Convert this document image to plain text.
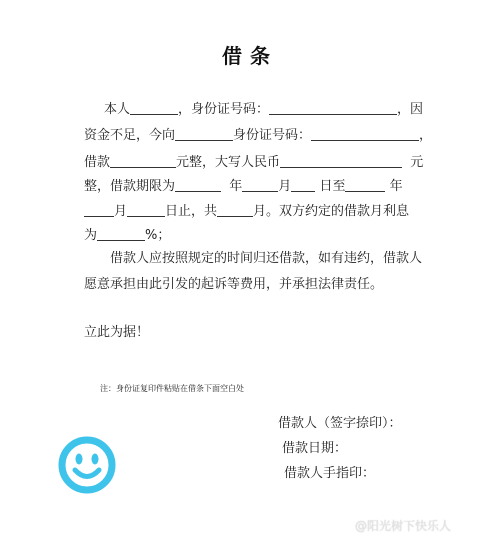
借条
本人	，身份证号码：	，因
资金不足，今向	身份证号码：	，
借款	元整，大写人民币	元
整，借款期限为	年	月 日至	年
月	日止，共	月。双方约定的借款月利息
为	%；
借款人应按照规定的时间归还借款，如有违约，借款人
愿意承担由此引发的起诉等费用，并承担法律责任。
立此为据！
注：身份证复印件粘贴在借条下面空白处
借款人（签字捺印）：
借款日期：
借款人手指印：
@阳光树下快乐人
